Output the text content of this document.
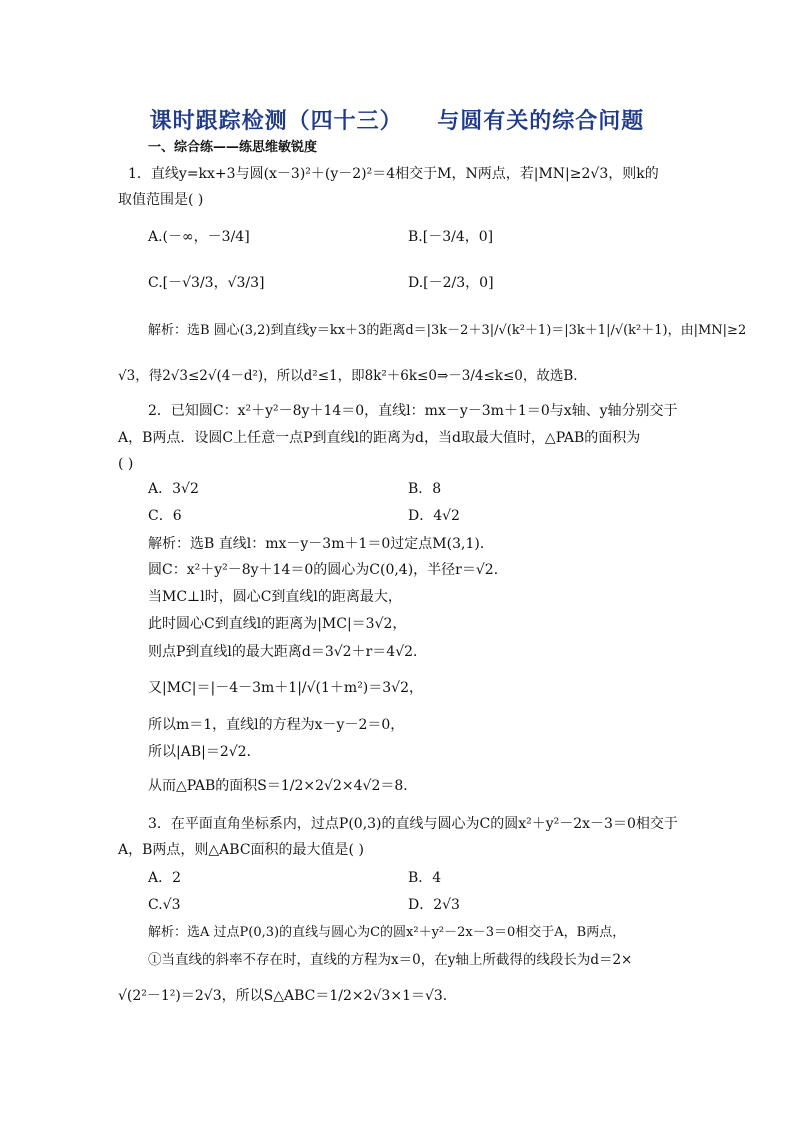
课时跟踪检测（四十三）    与圆有关的综合问题
一、综合练——练思维敏锐度
1．直线y=kx+3与圆(x－3)²＋(y－2)²＝4相交于M，N两点，若|MN|≥2√3，则k的
取值范围是( )
A.(－∞，－3/4]	B.[－3/4，0]
C.[－√3/3，√3/3]	D.[－2/3，0]
解析：选B 圆心(3,2)到直线y＝kx＋3的距离d＝|3k－2＋3|/√(k²＋1)＝|3k＋1|/√(k²＋1)，由|MN|≥2
√3，得2√3≤2√(4－d²)，所以d²≤1，即8k²＋6k≤0⇒－3/4≤k≤0，故选B.
2．已知圆C：x²＋y²－8y＋14＝0，直线l：mx－y－3m＋1＝0与x轴、y轴分别交于
A，B两点．设圆C上任意一点P到直线l的距离为d，当d取最大值时，△PAB的面积为
( )
A．3√2	B．8
C．6	D．4√2
解析：选B 直线l：mx－y－3m＋1＝0过定点M(3,1)．
圆C：x²＋y²－8y＋14＝0的圆心为C(0,4)，半径r＝√2．
当MC⊥l时，圆心C到直线l的距离最大，
此时圆心C到直线l的距离为|MC|＝3√2，
则点P到直线l的最大距离d＝3√2＋r＝4√2．
又|MC|＝|－4－3m＋1|/√(1＋m²)＝3√2，
所以m＝1，直线l的方程为x－y－2＝0，
所以|AB|＝2√2．
从而△PAB的面积S＝1/2×2√2×4√2＝8．
3．在平面直角坐标系内，过点P(0,3)的直线与圆心为C的圆x²＋y²－2x－3＝0相交于
A，B两点，则△ABC面积的最大值是( )
A．2	B．4
C.√3	D．2√3
解析：选A 过点P(0,3)的直线与圆心为C的圆x²＋y²－2x－3＝0相交于A，B两点，
①当直线的斜率不存在时，直线的方程为x＝0，在y轴上所截得的线段长为d＝2×
√(2²－1²)＝2√3，所以S△ABC＝1/2×2√3×1＝√3.
